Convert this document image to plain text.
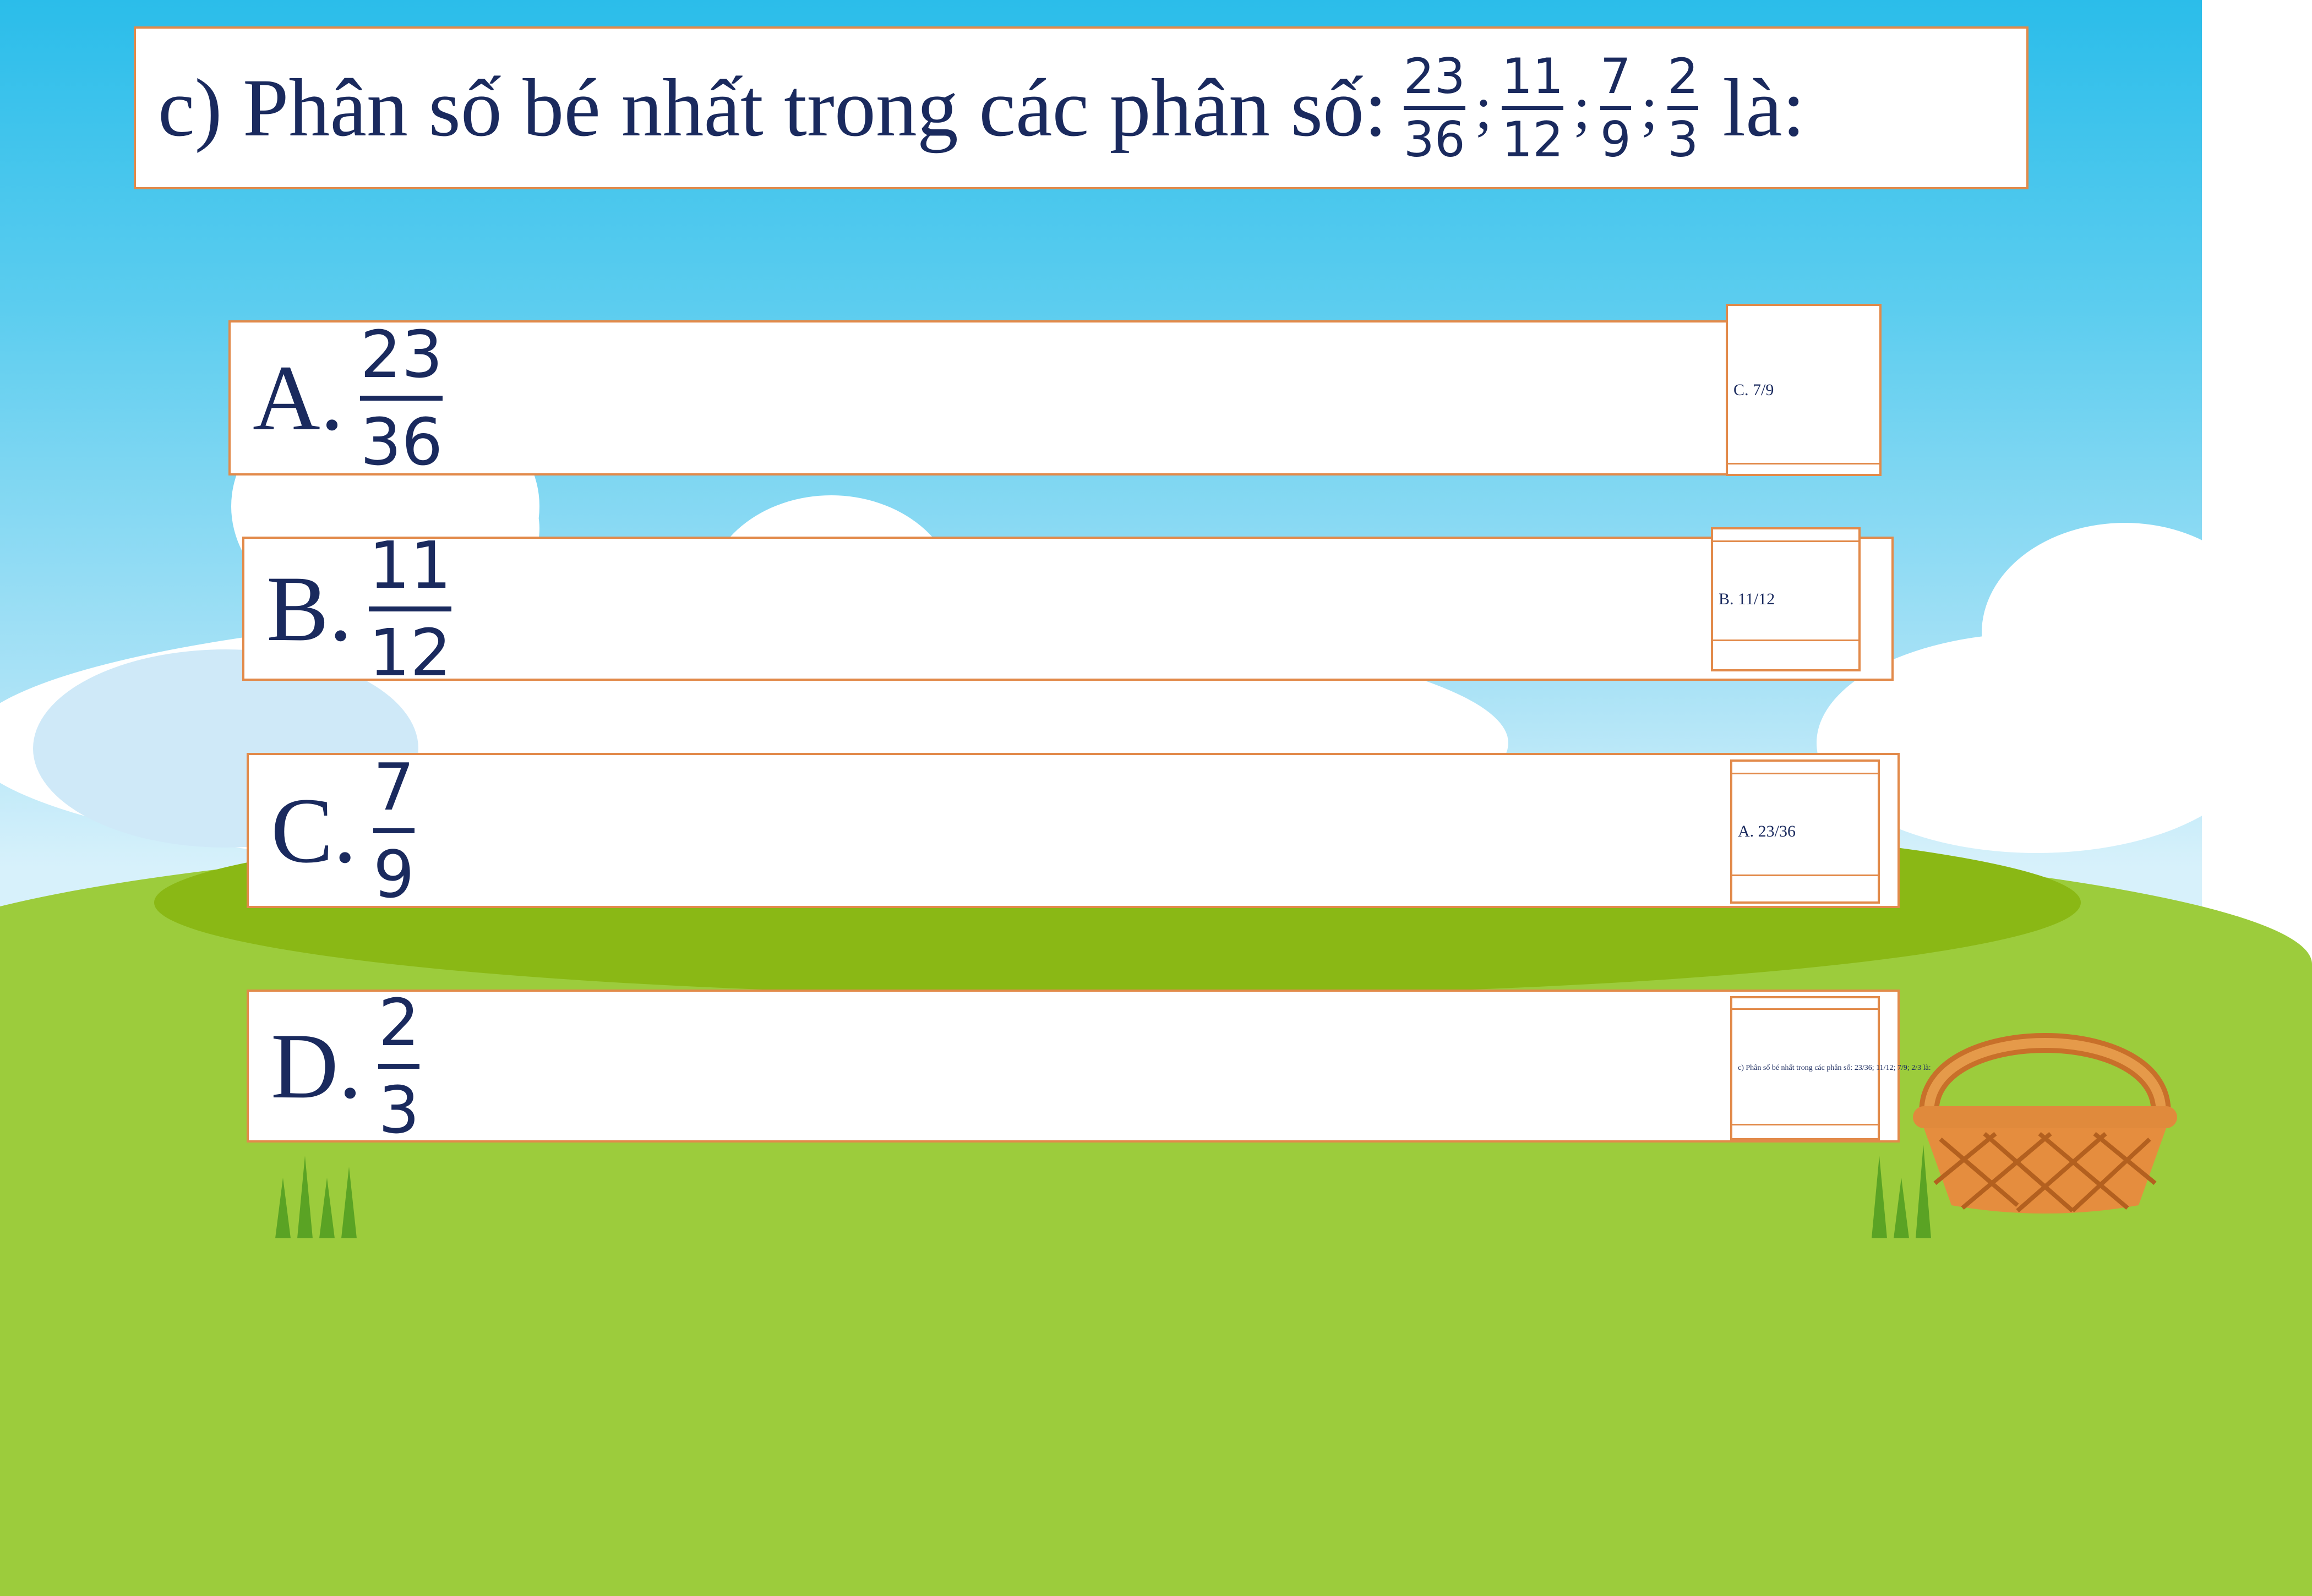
c) Phân số bé nhất trong các phân số: 23
36 ; 11
12 ; 7
9 ; 2
3 là:
A. 23
36
C. 7/9
B. 11
12
B. 11/12
C. 7
9
A. 23/36
D. 2
3
c) Phân số bé nhất trong các phân số: 23/36; 11/12; 7/9; 2/3 là:
